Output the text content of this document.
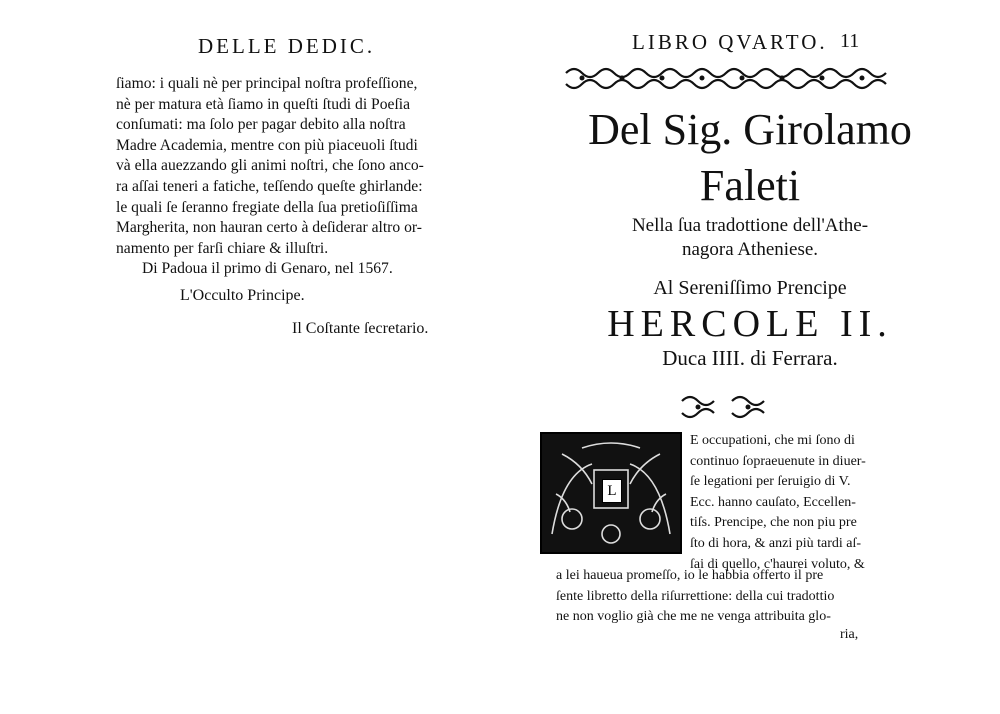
DELLE DEDIC.
ſiamo: i quali nè per principal noſtra profeſſione,
nè per matura età ſiamo in queſti ſtudi di Poeſia
conſumati: ma ſolo per pagar debito alla noſtra
Madre Academia, mentre con più piaceuoli ſtudi
và ella auezzando gli animi noſtri, che ſono anco-
ra aſſai teneri a fatiche, teſſendo queſte ghirlande:
le quali ſe ſeranno fregiate della ſua pretioſiſſima
Margherita, non hauran certo à deſiderar altro or-
namento per farſi chiare & illuſtri.
Di Padoua il primo di Genaro, nel 1567.
L'Occulto Principe.
Il Coſtante ſecretario.
LIBRO QVARTO. 11
Del Sig. Girolamo
Faleti
Nella ſua tradottione dell'Athe-
nagora Atheniese.
Al Sereniſſimo Prencipe
HERCOLE II.
Duca IIII. di Ferrara.
L
E occupationi, che mi ſono di
continuo ſopraeuenute in diuer-
ſe legationi per ſeruigio di V.
Ecc. hanno cauſato, Eccellen-
tiſs. Prencipe, che non piu pre
ſto di hora, & anzi più tardi aſ-
ſai di quello, c'haurei voluto, &
a lei haueua promeſſo, io le habbia offerto il pre
ſente libretto della riſurrettione: della cui tradottio
ne non voglio già che me ne venga attribuita glo-
ria,
